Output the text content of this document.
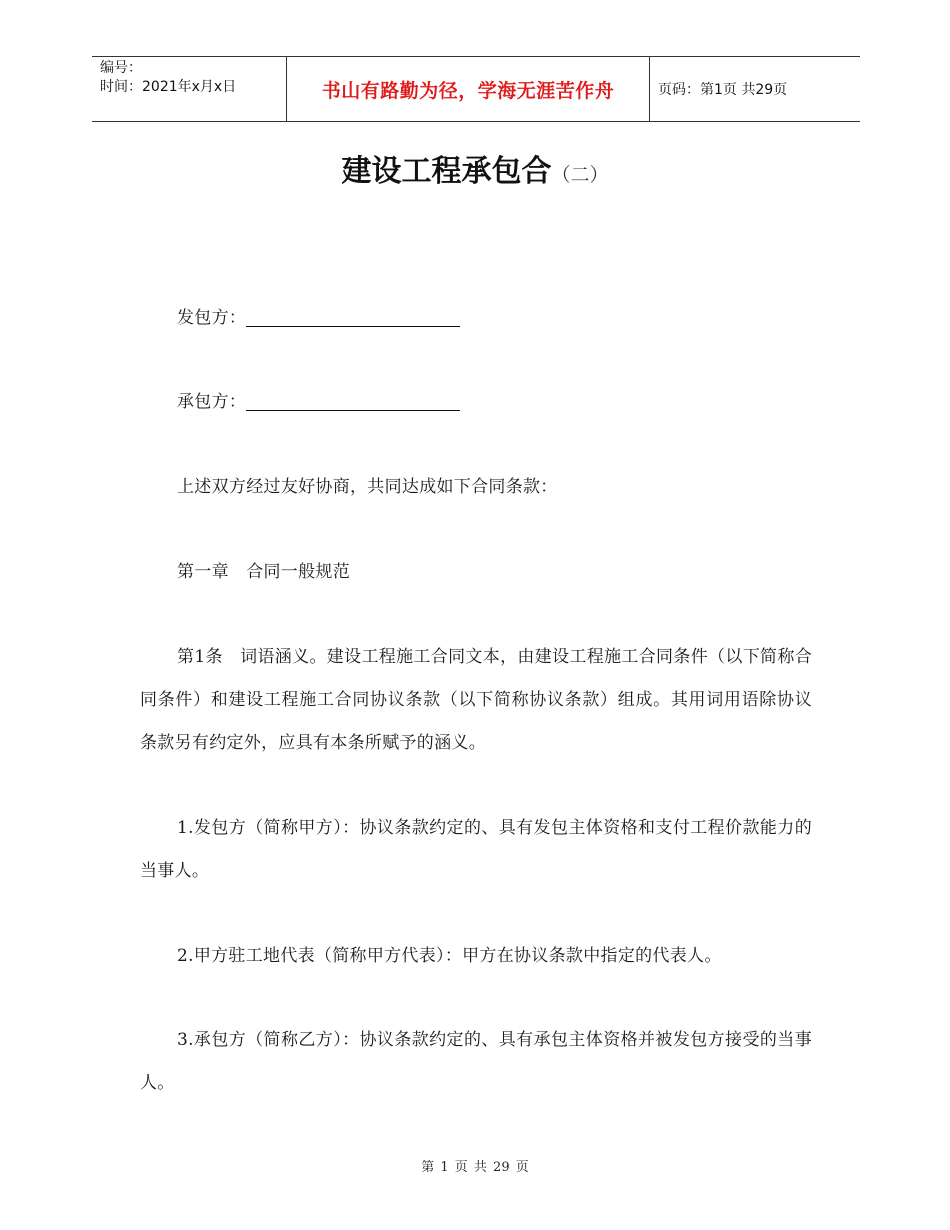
编号：
时间：2021年x月x日	书山有路勤为径，学海无涯苦作舟	页码：第1页 共29页
建设工程承包合（二）
发包方：
承包方：
上述双方经过友好协商，共同达成如下合同条款：
第一章　合同一般规范
第1条　词语涵义。建设工程施工合同文本，由建设工程施工合同条件（以下简称合同条件）和建设工程施工合同协议条款（以下简称协议条款）组成。其用词用语除协议条款另有约定外，应具有本条所赋予的涵义。
1.发包方（简称甲方）：协议条款约定的、具有发包主体资格和支付工程价款能力的当事人。
2.甲方驻工地代表（简称甲方代表）：甲方在协议条款中指定的代表人。
3.承包方（简称乙方）：协议条款约定的、具有承包主体资格并被发包方接受的当事人。
第 1 页 共 29 页
